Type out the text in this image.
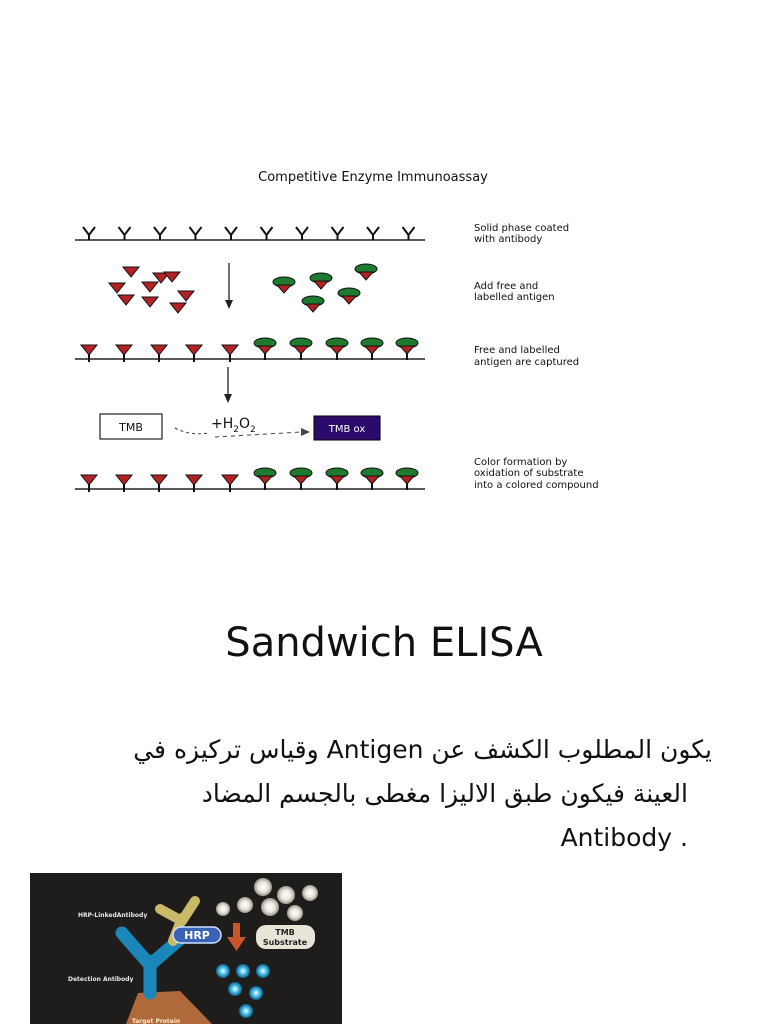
Competitive Enzyme Immunoassay
Solid phase coated
with antibody
Add free and
labelled antigen
Free and labelled
antigen are captured
TMB	$+H_2O_2$	TMB ox
Color formation by
oxidation of substrate
into a colored compound
Sandwich ELISA

يكون المطلوب الكشف عن Antigen وقياس تركيزه في

العينة فيكون طبق الاليزا مغطى بالجسم المضاد

. Antibody

HRP	TMB
Substrate
HRP-LinkedAntibody
Detection Antibody
Target Protein
